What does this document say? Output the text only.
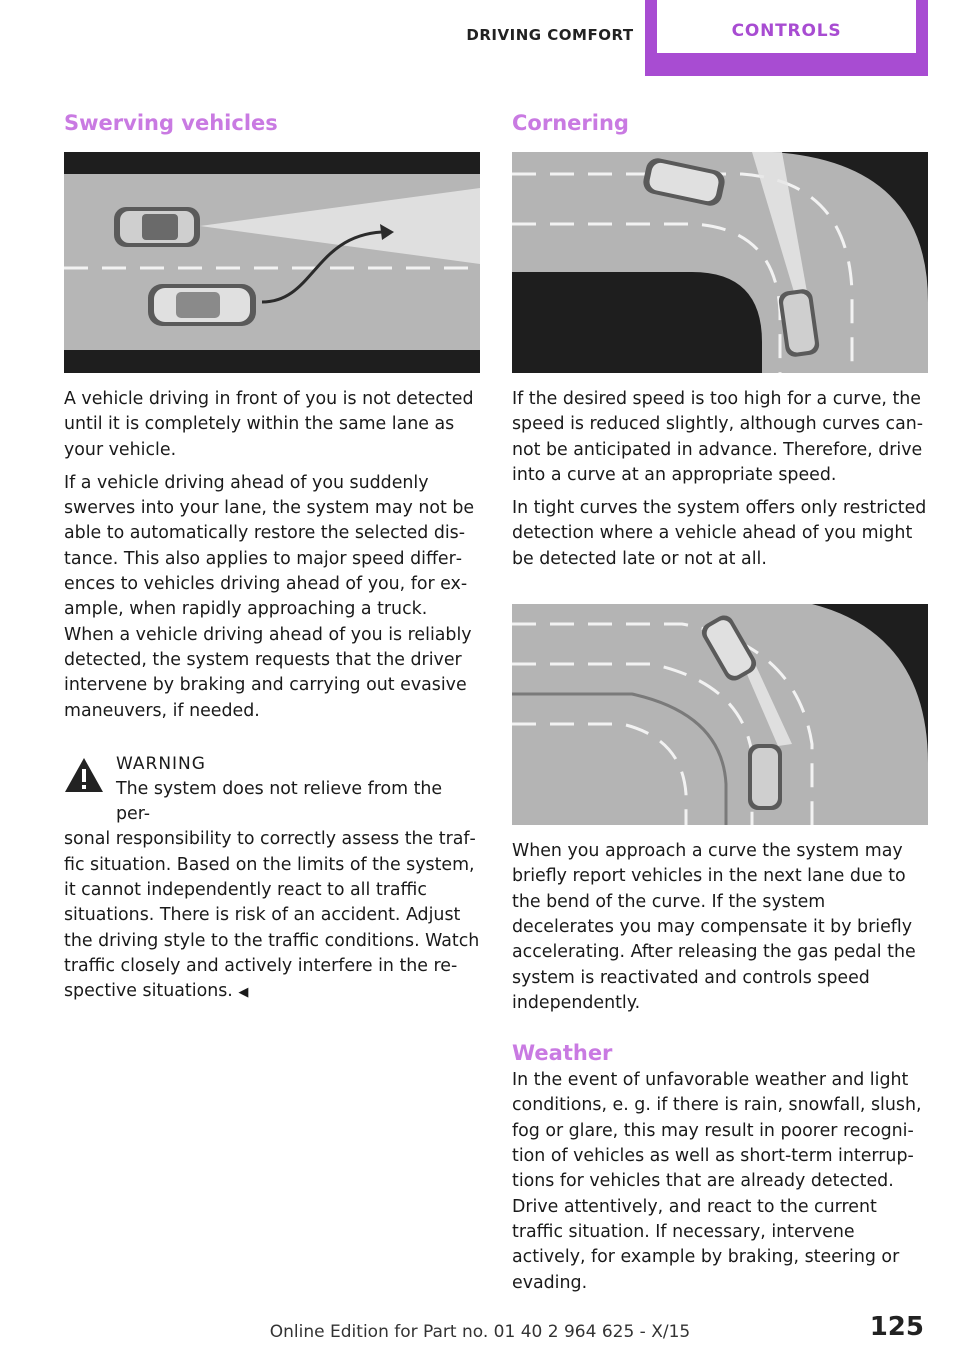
DRIVING COMFORT	CONTROLS
Swerving vehicles

A vehicle driving in front of you is not detected until it is completely within the same lane as your vehicle.

If a vehicle driving ahead of you suddenly swerves into your lane, the system may not be able to automatically restore the selected distance. This also applies to major speed differences to vehicles driving ahead of you, for example, when rapidly approaching a truck. When a vehicle driving ahead of you is reliably detected, the system requests that the driver intervene by braking and carrying out evasive maneuvers, if needed.

WARNING

The system does not relieve from the per-

sonal responsibility to correctly assess the traffic situation. Based on the limits of the system, it cannot independently react to all traffic situations. There is risk of an accident. Adjust the driving style to the traffic conditions. Watch traffic closely and actively interfere in the respective situations. ◀

Cornering

If the desired speed is too high for a curve, the speed is reduced slightly, although curves cannot be anticipated in advance. Therefore, drive into a curve at an appropriate speed.

In tight curves the system offers only restricted detection where a vehicle ahead of you might be detected late or not at all.

When you approach a curve the system may briefly report vehicles in the next lane due to the bend of the curve. If the system decelerates you may compensate it by briefly accelerating. After releasing the gas pedal the system is reactivated and controls speed independently.

Weather

In the event of unfavorable weather and light conditions, e. g. if there is rain, snowfall, slush, fog or glare, this may result in poorer recognition of vehicles as well as short-term interruptions for vehicles that are already detected. Drive attentively, and react to the current traffic situation. If necessary, intervene actively, for example by braking, steering or evading.

125
Online Edition for Part no. 01 40 2 964 625 - X/15
